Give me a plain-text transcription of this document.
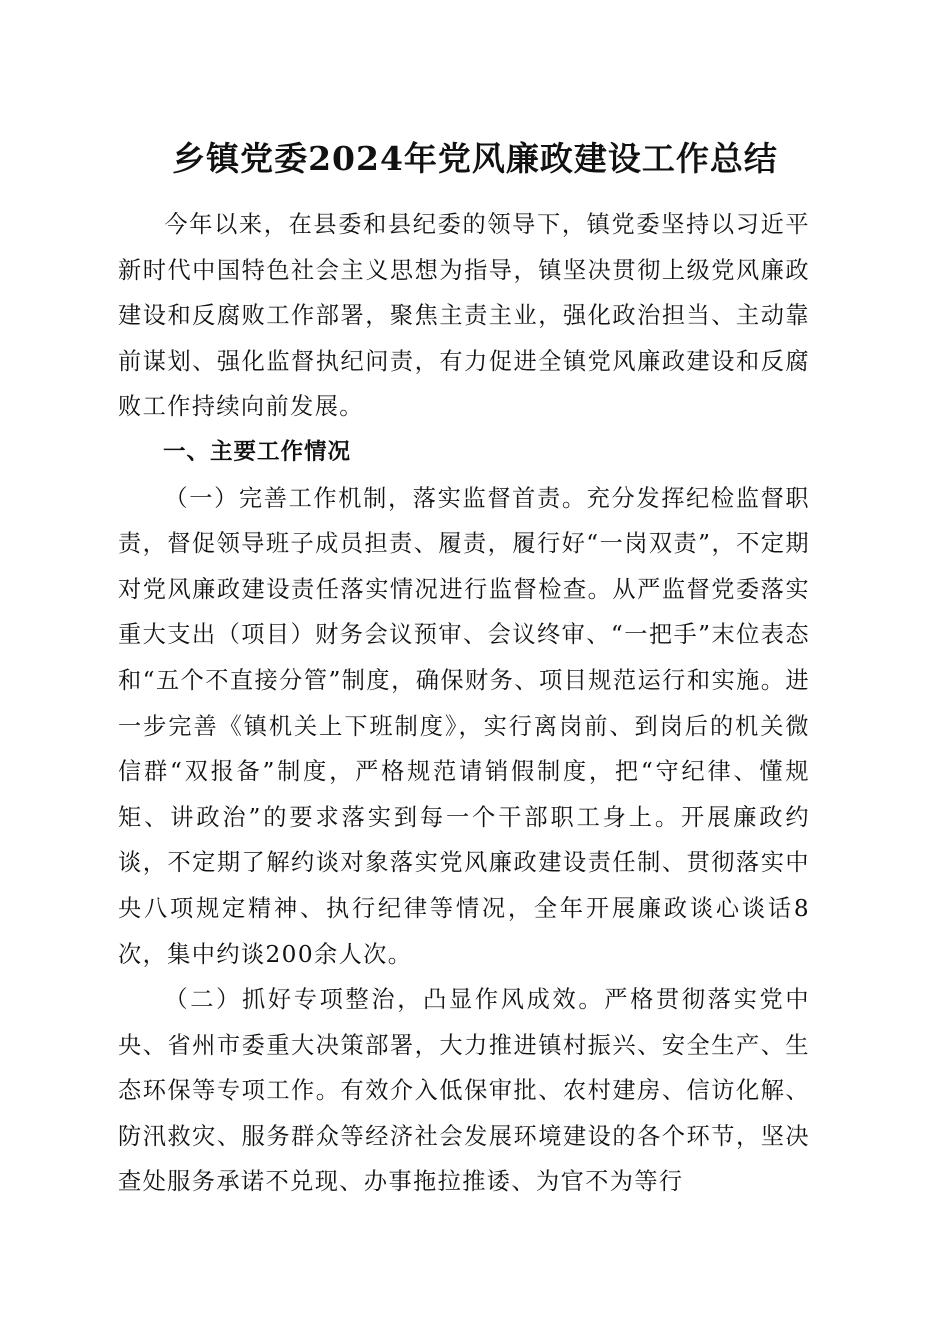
乡镇党委2024年党风廉政建设工作总结

今年以来，在县委和县纪委的领导下，镇党委坚持以习近平新时代中国特色社会主义思想为指导，镇坚决贯彻上级党风廉政建设和反腐败工作部署，聚焦主责主业，强化政治担当、主动靠前谋划、强化监督执纪问责，有力促进全镇党风廉政建设和反腐败工作持续向前发展。

一、主要工作情况

（一）完善工作机制，落实监督首责。充分发挥纪检监督职责，督促领导班子成员担责、履责，履行好“一岗双责”，不定期对党风廉政建设责任落实情况进行监督检查。从严监督党委落实重大支出（项目）财务会议预审、会议终审、“一把手”末位表态和“五个不直接分管”制度，确保财务、项目规范运行和实施。进一步完善《镇机关上下班制度》，实行离岗前、到岗后的机关微信群“双报备”制度，严格规范请销假制度，把“守纪律、懂规矩、讲政治”的要求落实到每一个干部职工身上。开展廉政约谈，不定期了解约谈对象落实党风廉政建设责任制、贯彻落实中央八项规定精神、执行纪律等情况，全年开展廉政谈心谈话8次，集中约谈200余人次。

（二）抓好专项整治，凸显作风成效。严格贯彻落实党中央、省州市委重大决策部署，大力推进镇村振兴、安全生产、生态环保等专项工作。有效介入低保审批、农村建房、信访化解、防汛救灾、服务群众等经济社会发展环境建设的各个环节，坚决查处服务承诺不兑现、办事拖拉推诿、为官不为等行
